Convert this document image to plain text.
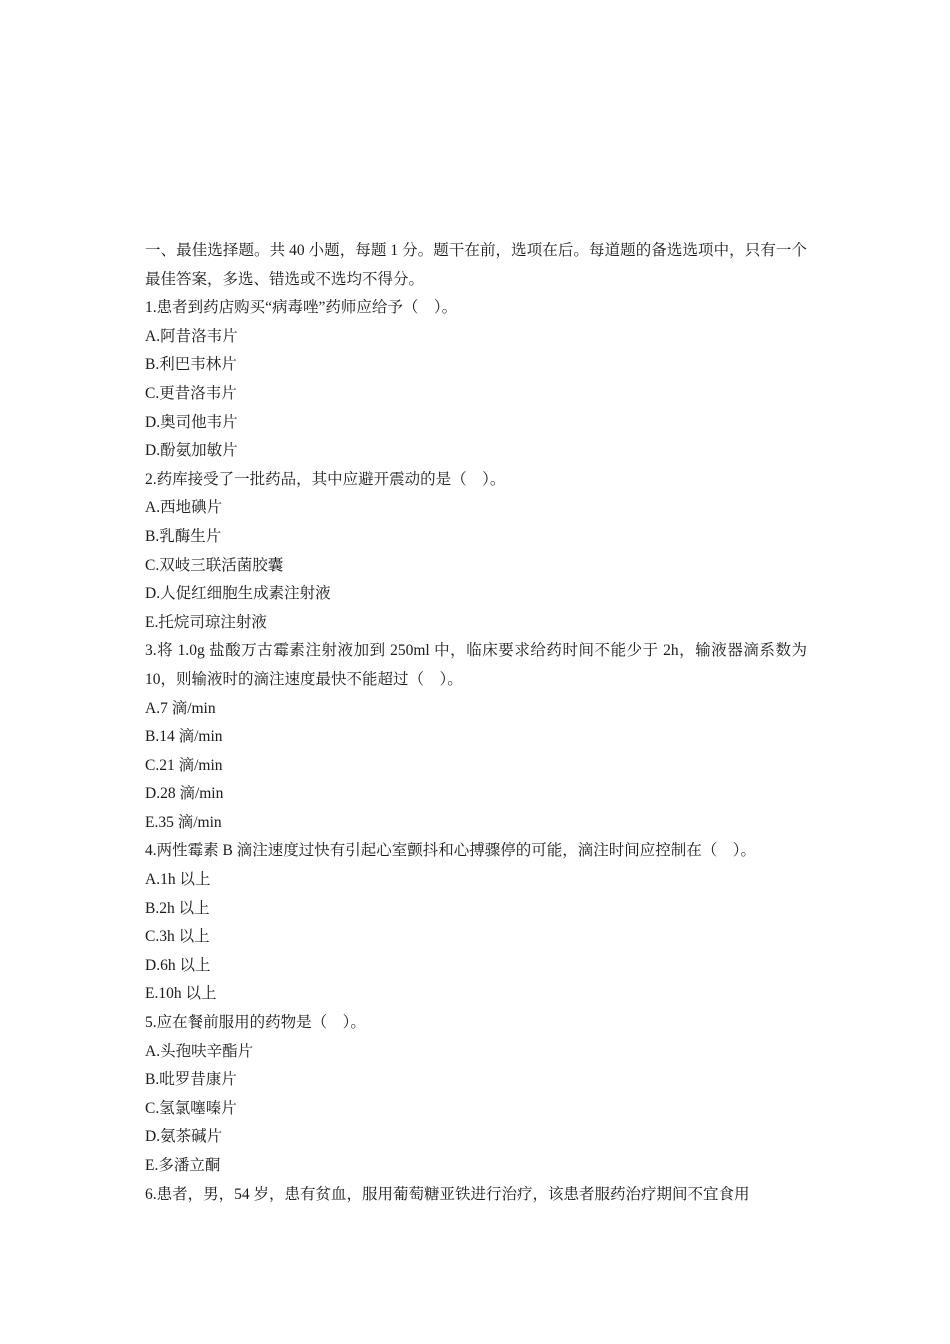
一、最佳选择题。共 40 小题，每题 1 分。题干在前，选项在后。每道题的备选选项中，只有一个最佳答案，多选、错选或不选均不得分。
1.患者到药店购买“病毒唑”药师应给予（　）。
A.阿昔洛韦片
B.利巴韦林片
C.更昔洛韦片
D.奥司他韦片
D.酚氨加敏片
2.药库接受了一批药品，其中应避开震动的是（　）。
A.西地碘片
B.乳酶生片
C.双岐三联活菌胶囊
D.人促红细胞生成素注射液
E.托烷司琼注射液
3.将 1.0g 盐酸万古霉素注射液加到 250ml 中，临床要求给药时间不能少于 2h，输液器滴系数为 10，则输液时的滴注速度最快不能超过（　）。
A.7 滴/min
B.14 滴/min
C.21 滴/min
D.28 滴/min
E.35 滴/min
4.两性霉素 B 滴注速度过快有引起心室颤抖和心搏骤停的可能，滴注时间应控制在（　）。
A.1h 以上
B.2h 以上
C.3h 以上
D.6h 以上
E.10h 以上
5.应在餐前服用的药物是（　）。
A.头孢呋辛酯片
B.吡罗昔康片
C.氢氯噻嗪片
D.氨茶碱片
E.多潘立酮
6.患者，男，54 岁，患有贫血，服用葡萄糖亚铁进行治疗，该患者服药治疗期间不宜食用
